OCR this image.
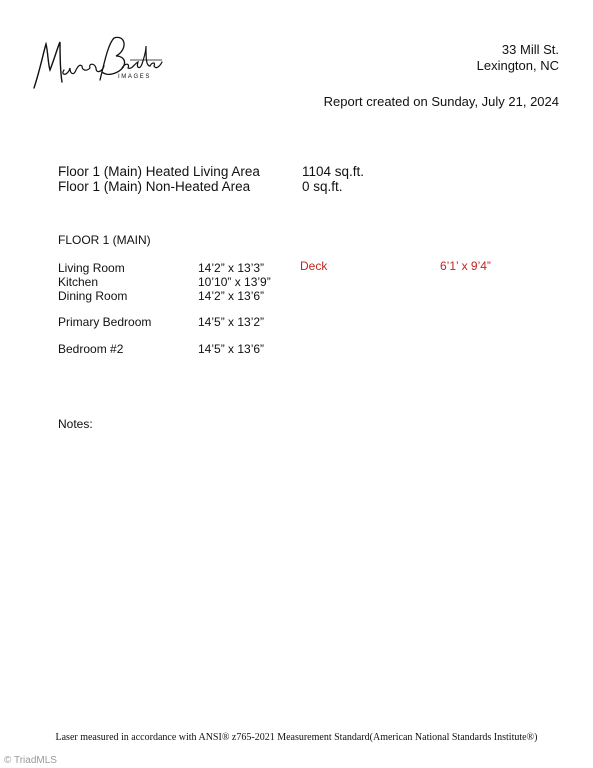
IMAGES
33 Mill St.
Lexington, NC
Report created on Sunday, July 21, 2024
Floor 1 (Main) Heated Living Area	1104 sq.ft.
Floor 1 (Main) Non-Heated Area	0 sq.ft.
FLOOR 1 (MAIN)
Living Room	14’2” x 13’3”
Kitchen	10’10” x 13’9”
Dining Room	14’2” x 13’6”
Primary Bedroom	14’5” x 13’2”
Bedroom #2	14’5” x 13’6”
Deck	6’1’ x 9’4”
Notes:
Laser measured in accordance with ANSI® z765-2021 Measurement Standard(American National Standards Institute®)
© TriadMLS
